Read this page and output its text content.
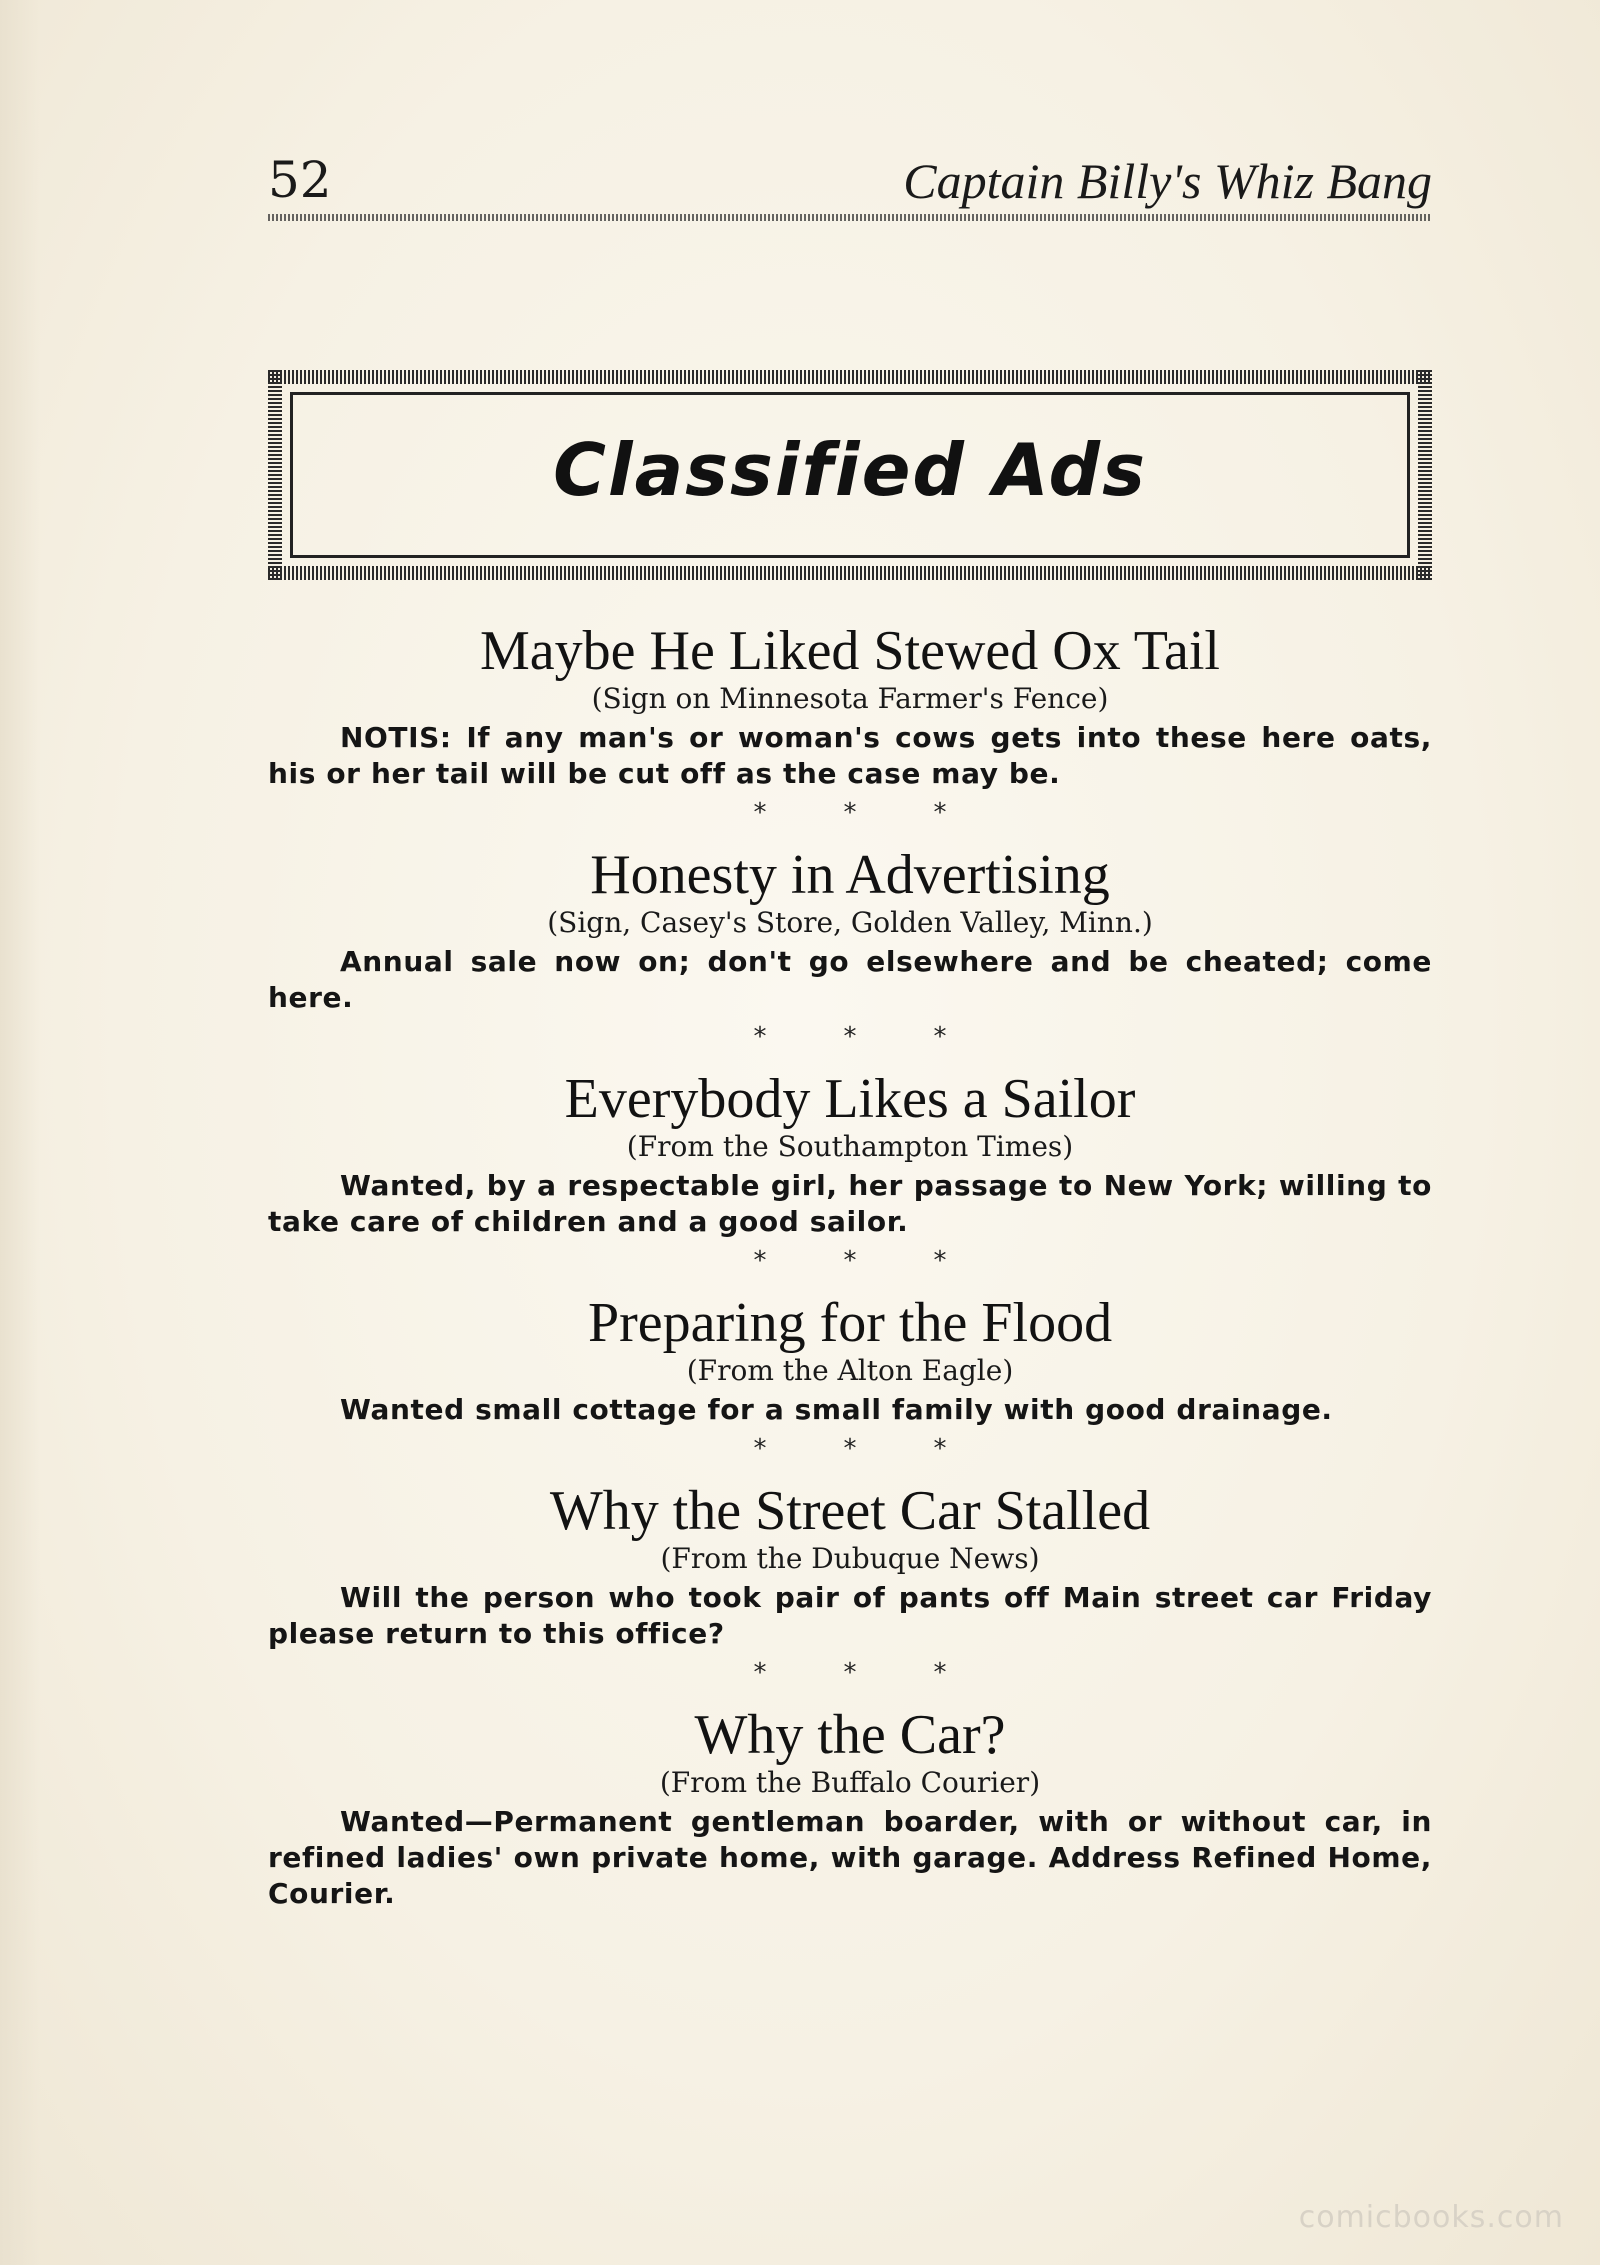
52	Captain Billy's Whiz Bang
Classified Ads

Maybe He Liked Stewed Ox Tail

(Sign on Minnesota Farmer's Fence)

NOTIS: If any man's or woman's cows gets into these here oats, his or her tail will be cut off as the case may be.

*	*	*

Honesty in Advertising

(Sign, Casey's Store, Golden Valley, Minn.)

Annual sale now on; don't go elsewhere and be cheated; come here.

*	*	*

Everybody Likes a Sailor

(From the Southampton Times)

Wanted, by a respectable girl, her passage to New York; willing to take care of children and a good sailor.

*	*	*

Preparing for the Flood

(From the Alton Eagle)

Wanted small cottage for a small family with good drainage.

*	*	*

Why the Street Car Stalled

(From the Dubuque News)

Will the person who took pair of pants off Main street car Friday please return to this office?

*	*	*

Why the Car?

(From the Buffalo Courier)

Wanted—Permanent gentleman boarder, with or without car, in refined ladies' own private home, with garage. Address Refined Home, Courier.

comicbooks.com
